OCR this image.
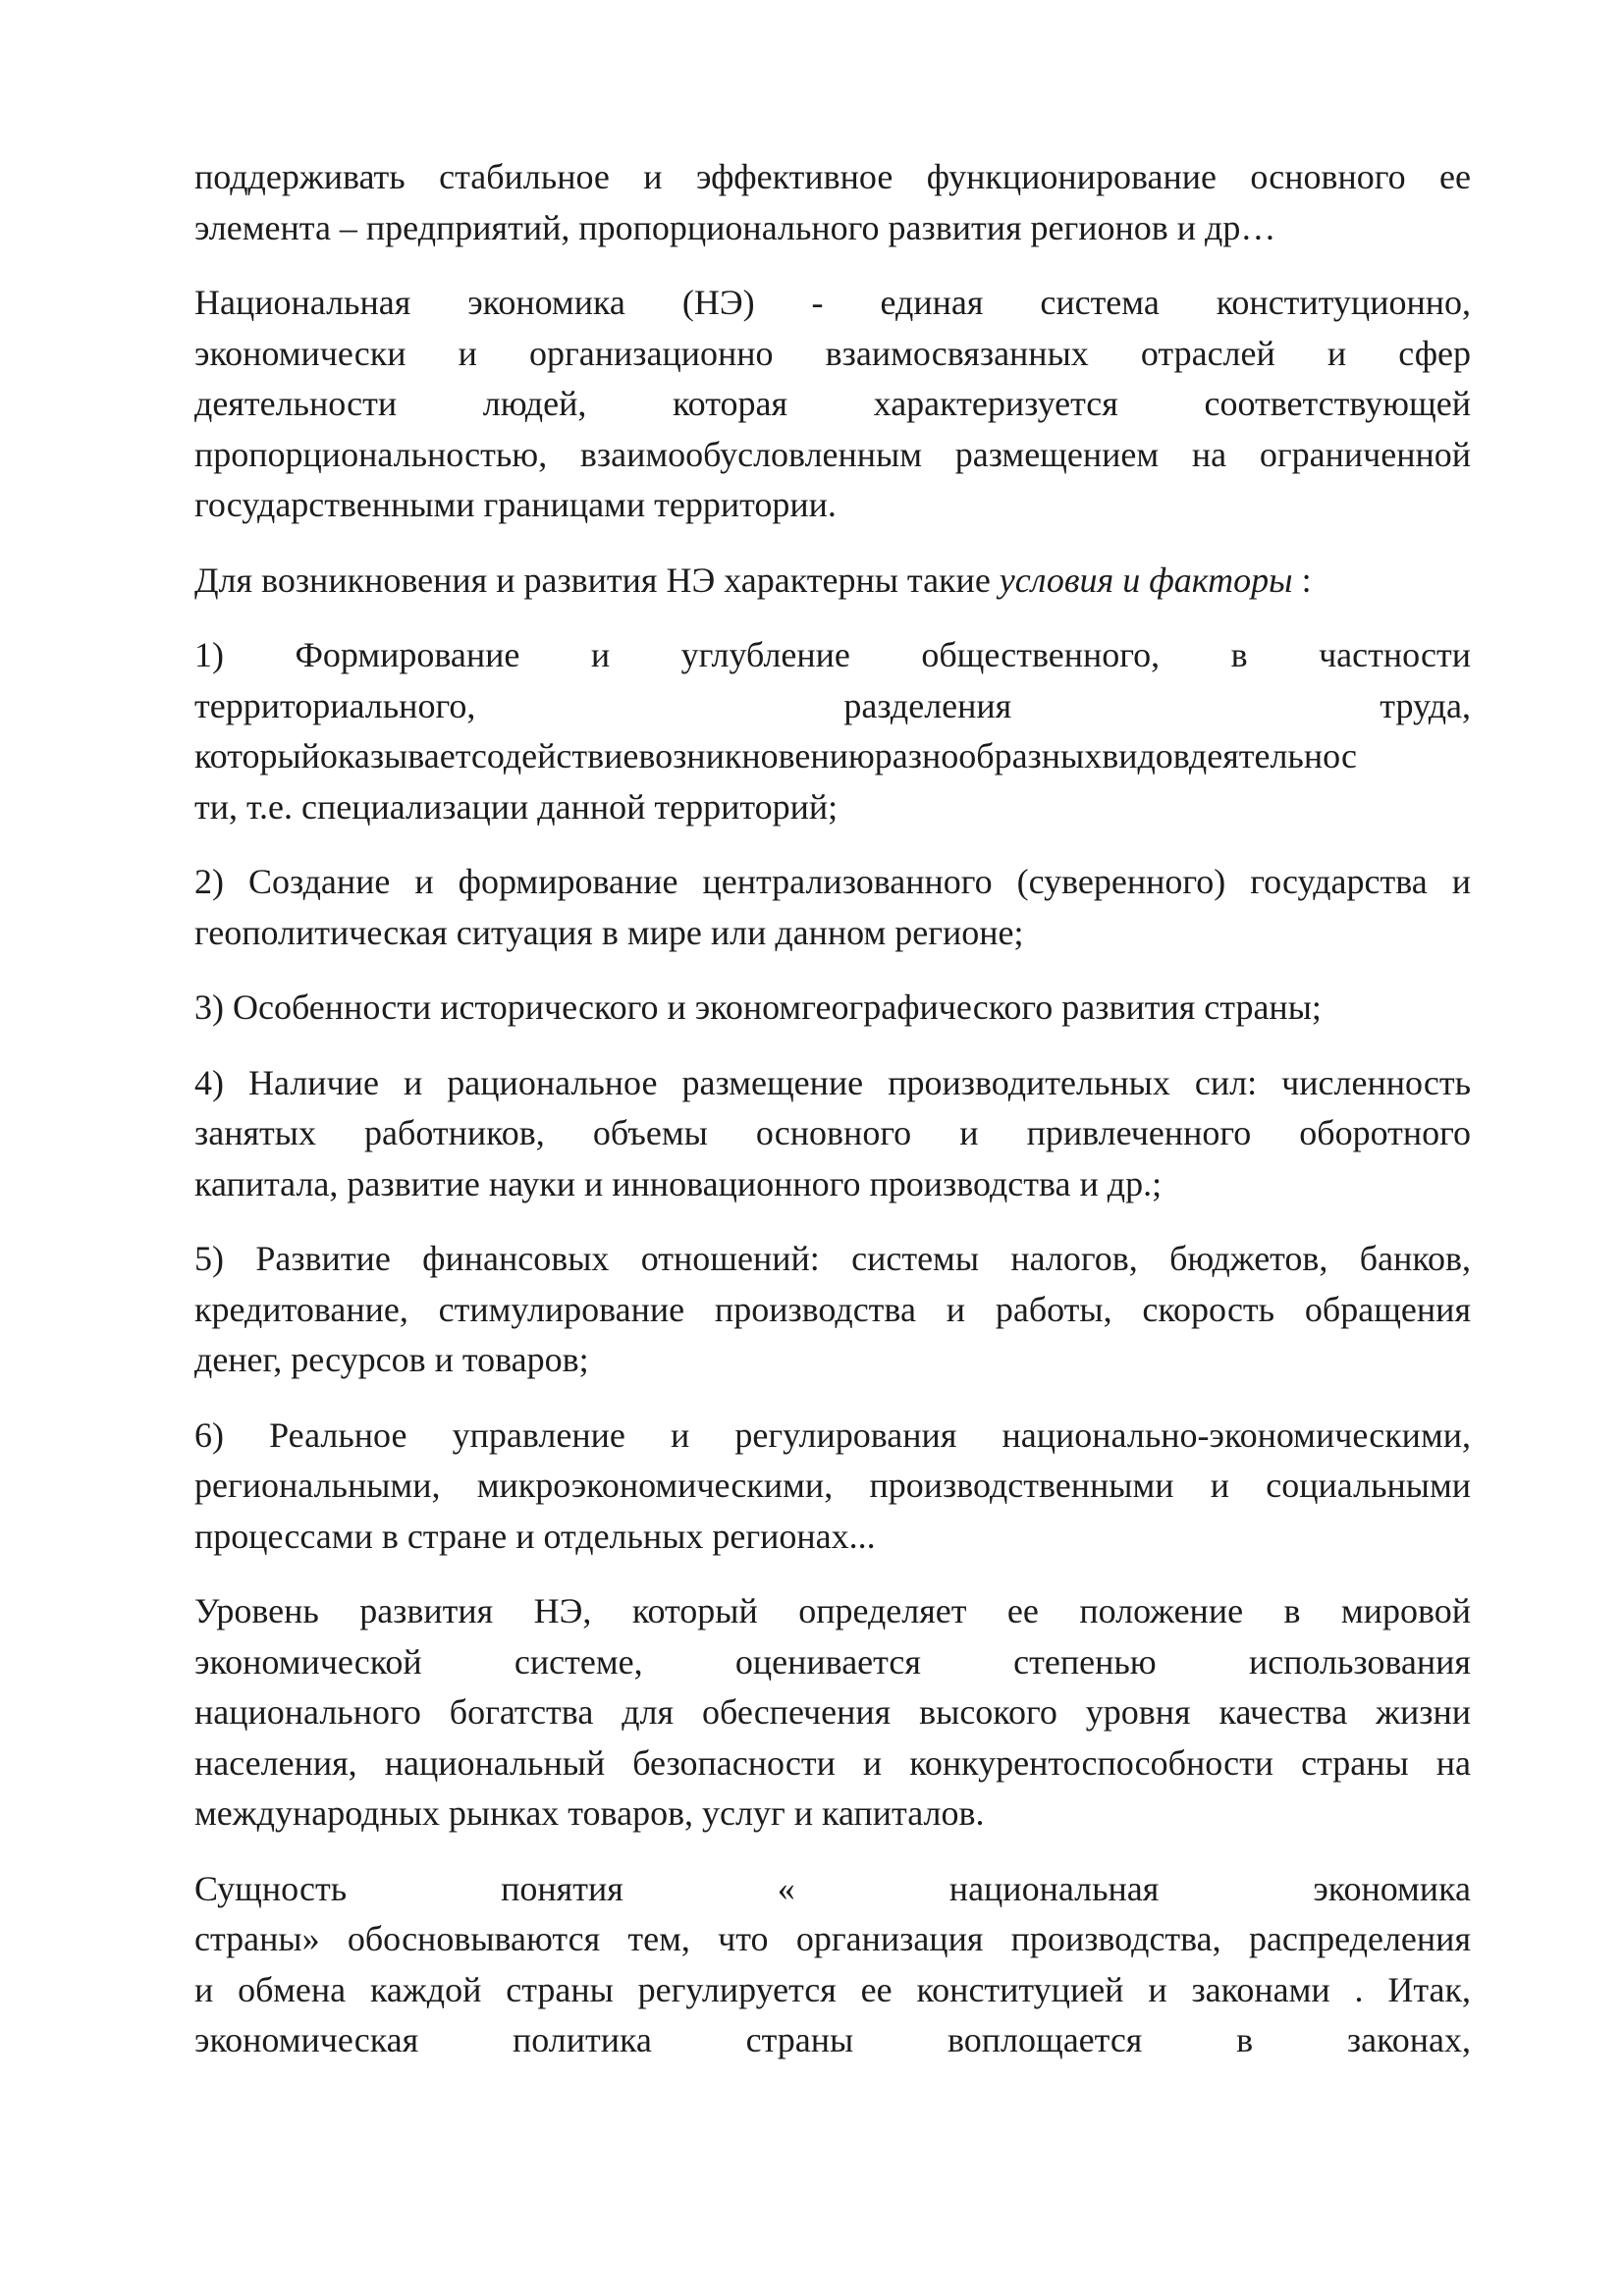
поддерживать стабильное и эффективное функционирование основного ее
элемента – предприятий, пропорционального развития регионов и др…

Национальная экономика (НЭ) - единая система конституционно,
экономически и организационно взаимосвязанных отраслей и сфер
деятельности людей, которая характеризуется соответствующей
пропорциональностью, взаимообусловленным размещением на ограниченной
государственными границами территории.

Для возникновения и развития НЭ характерны такие условия и факторы :

1) Формирование и углубление общественного, в частности
территориального, разделения труда,
которыйоказываетсодействиевозникновениюразнообразныхвидовдеятельнос
ти, т.е. специализации данной территорий;

2) Создание и формирование централизованного (суверенного) государства и
геополитическая ситуация в мире или данном регионе;

3) Особенности исторического и экономгеографического развития страны;

4) Наличие и рациональное размещение производительных сил: численность
занятых работников, объемы основного и привлеченного оборотного
капитала, развитие науки и инновационного производства и др.;

5) Развитие финансовых отношений: системы налогов, бюджетов, банков,
кредитование, стимулирование производства и работы, скорость обращения
денег, ресурсов и товаров;

6) Реальное управление и регулирования национально-экономическими,
региональными, микроэкономическими, производственными и социальными
процессами в стране и отдельных регионах...

Уровень развития НЭ, который определяет ее положение в мировой
экономической системе, оценивается степенью использования
национального богатства для обеспечения высокого уровня качества жизни
населения, национальный безопасности и конкурентоспособности страны на
международных рынках товаров, услуг и капиталов.

Сущность понятия « национальная экономика
страны» обосновываются тем, что организация производства, распределения
и обмена каждой страны регулируется ее конституцией и законами . Итак,
экономическая политика страны воплощается в законах,
